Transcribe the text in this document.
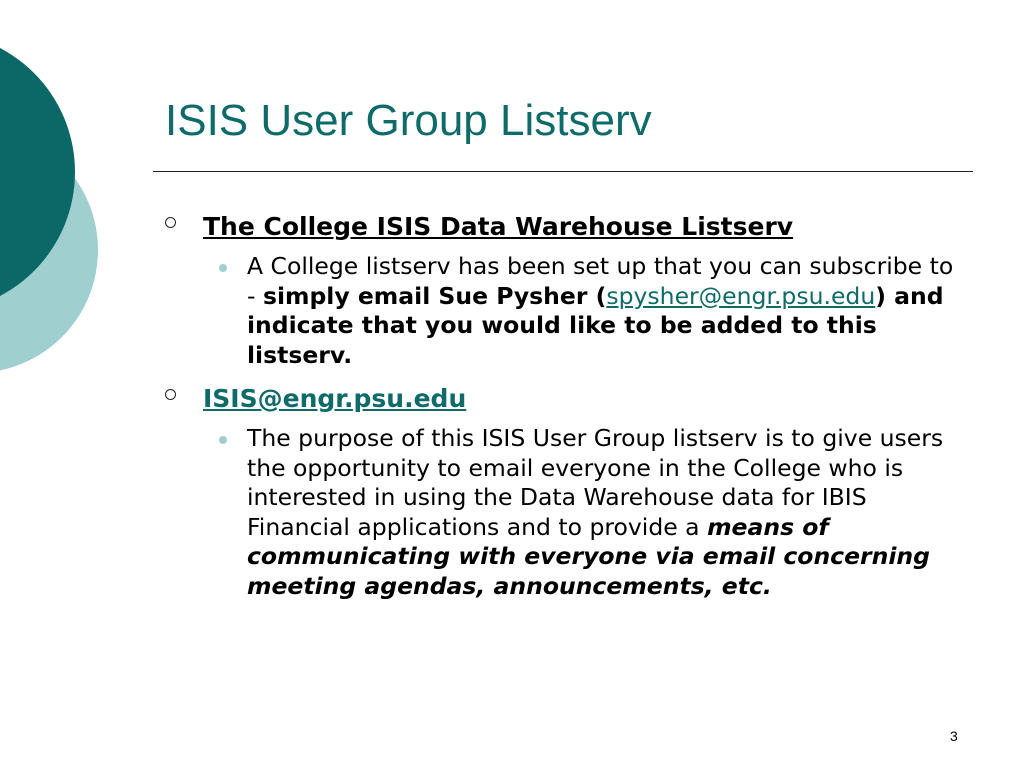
ISIS User Group Listserv
The College ISIS Data Warehouse Listserv
A College listserv has been set up that you can subscribe to - simply email Sue Pysher (spysher@engr.psu.edu) and indicate that you would like to be added to this listserv.
ISIS@engr.psu.edu
The purpose of this ISIS User Group listserv is to give users the opportunity to email everyone in the College who is interested in using the Data Warehouse data for IBIS Financial applications and to provide a means of communicating with everyone via email concerning meeting agendas, announcements, etc.
3
